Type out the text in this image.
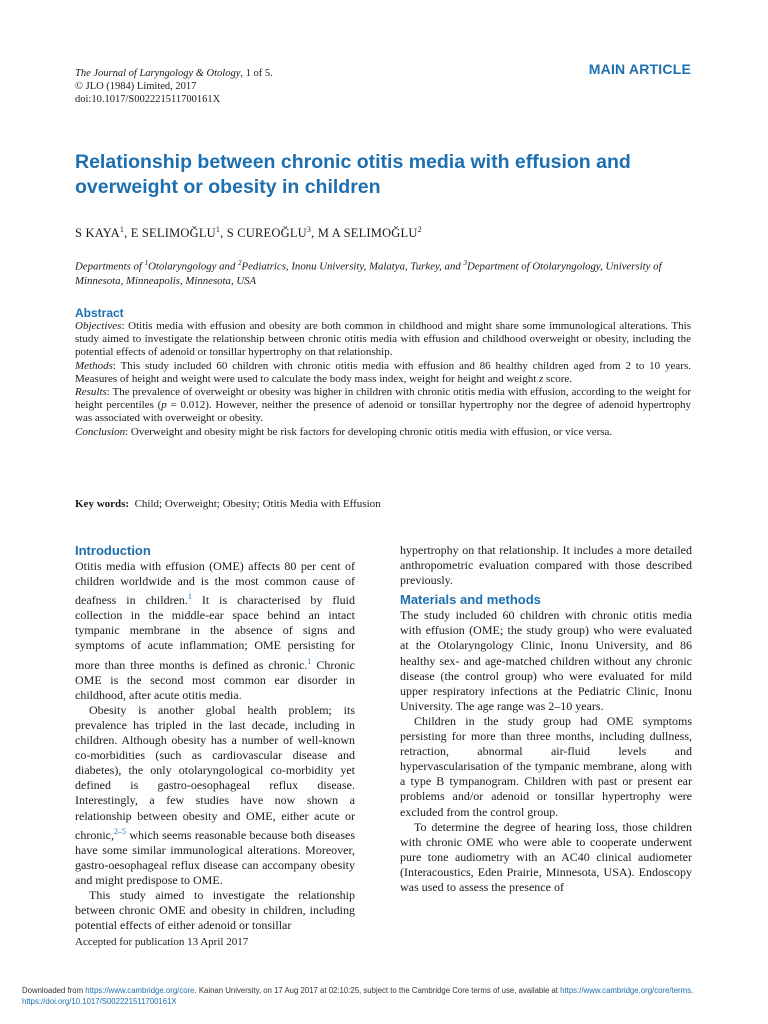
The Journal of Laryngology & Otology, 1 of 5.
© JLO (1984) Limited, 2017
doi:10.1017/S002221511700161X
MAIN ARTICLE
Relationship between chronic otitis media with effusion and overweight or obesity in children
S KAYA$^1$, E SELIMOĞLU$^1$, S CUREOĞLU$^3$, M A SELIMOĞLU$^2$
Departments of $^1$Otolaryngology and $^2$Pediatrics, Inonu University, Malatya, Turkey, and $^3$Department of Otolaryngology, University of Minnesota, Minneapolis, Minnesota, USA
Abstract

Objectives: Otitis media with effusion and obesity are both common in childhood and might share some immunological alterations. This study aimed to investigate the relationship between chronic otitis media with effusion and childhood overweight or obesity, including the potential effects of adenoid or tonsillar hypertrophy on that relationship.

Methods: This study included 60 children with chronic otitis media with effusion and 86 healthy children aged from 2 to 10 years. Measures of height and weight were used to calculate the body mass index, weight for height and weight z score.

Results: The prevalence of overweight or obesity was higher in children with chronic otitis media with effusion, according to the weight for height percentiles (p = 0.012). However, neither the presence of adenoid or tonsillar hypertrophy nor the degree of adenoid hypertrophy was associated with overweight or obesity.

Conclusion: Overweight and obesity might be risk factors for developing chronic otitis media with effusion, or vice versa.

Key words: Child; Overweight; Obesity; Otitis Media with Effusion
Introduction

Otitis media with effusion (OME) affects 80 per cent of children worldwide and is the most common cause of deafness in children.$^1$ It is characterised by fluid collection in the middle-ear space behind an intact tympanic membrane in the absence of signs and symptoms of acute inflammation; OME persisting for more than three months is defined as chronic.$^1$ Chronic OME is the second most common ear disorder in childhood, after acute otitis media.

Obesity is another global health problem; its prevalence has tripled in the last decade, including in children. Although obesity has a number of well-known co-morbidities (such as cardiovascular disease and diabetes), the only otolaryngological co-morbidity yet defined is gastro-oesophageal reflux disease. Interestingly, a few studies have now shown a relationship between obesity and OME, either acute or chronic,$^{2-5}$ which seems reasonable because both diseases have some similar immunological alterations. Moreover, gastro-oesophageal reflux disease can accompany obesity and might predispose to OME.

This study aimed to investigate the relationship between chronic OME and obesity in children, including potential effects of either adenoid or tonsillar

hypertrophy on that relationship. It includes a more detailed anthropometric evaluation compared with those described previously.

Materials and methods

The study included 60 children with chronic otitis media with effusion (OME; the study group) who were evaluated at the Otolaryngology Clinic, Inonu University, and 86 healthy sex- and age-matched children without any chronic disease (the control group) who were evaluated for mild upper respiratory infections at the Pediatric Clinic, Inonu University. The age range was 2–10 years.

Children in the study group had OME symptoms persisting for more than three months, including dullness, retraction, abnormal air-fluid levels and hypervascularisation of the tympanic membrane, along with a type B tympanogram. Children with past or present ear problems and/or adenoid or tonsillar hypertrophy were excluded from the control group.

To determine the degree of hearing loss, those children with chronic OME who were able to cooperate underwent pure tone audiometry with an AC40 clinical audiometer (Interacoustics, Eden Prairie, Minnesota, USA). Endoscopy was used to assess the presence of

Accepted for publication 13 April 2017
Downloaded from https://www.cambridge.org/core. Kainan University, on 17 Aug 2017 at 02:10:25, subject to the Cambridge Core terms of use, available at https://www.cambridge.org/core/terms.
https://doi.org/10.1017/S002221511700161X
